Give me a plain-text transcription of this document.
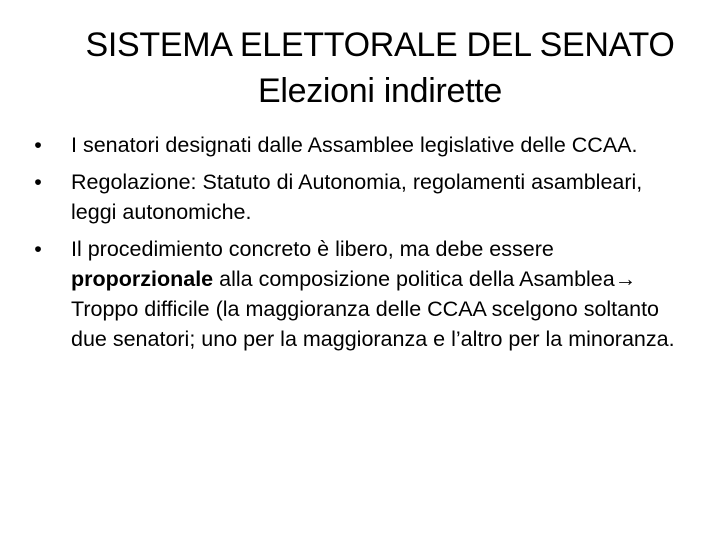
SISTEMA ELETTORALE DEL SENATO
Elezioni indirette
• I senatori designati dalle Assamblee legislative delle CCAA.
• Regolazione: Statuto di Autonomia, regolamenti asambleari, leggi autonomiche.
• Il procedimiento concreto è libero, ma debe essere proporzionale alla composizione politica della Asamblea→ Troppo difficile (la maggioranza delle CCAA scelgono soltanto due senatori; uno per la maggioranza e l’altro per la minoranza.
